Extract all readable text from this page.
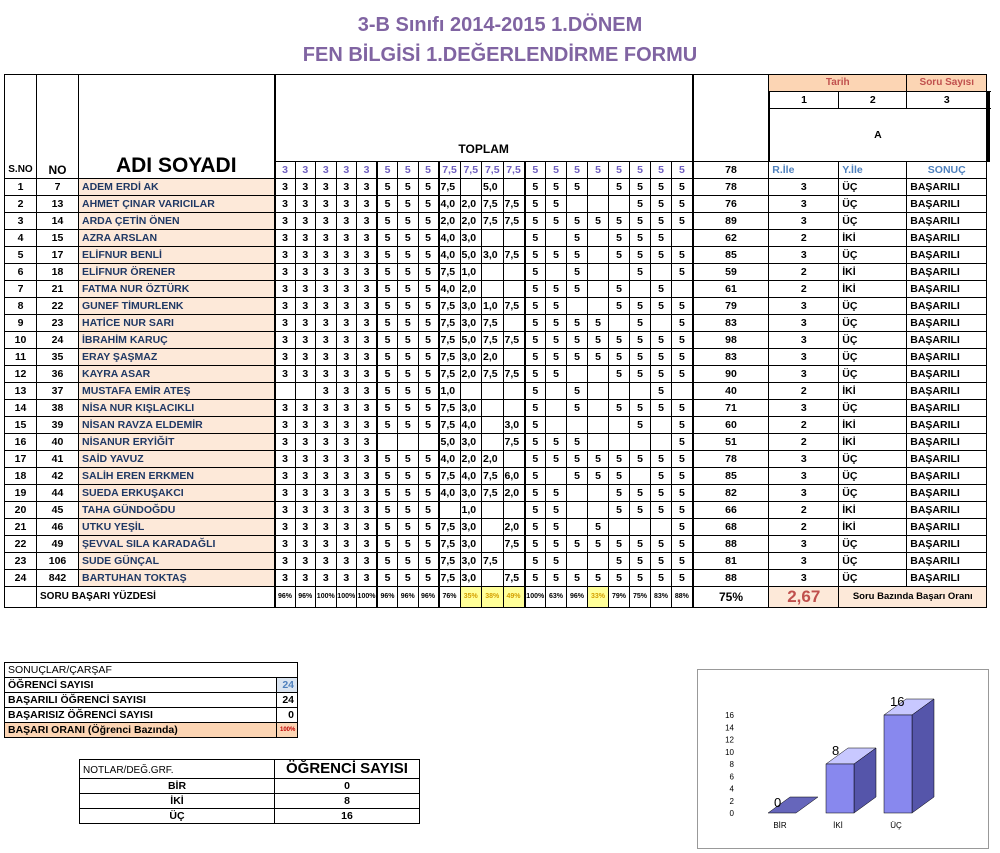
3-B Sınıfı 2014-2015 1.DÖNEM
FEN BİLGİSİ 1.DEĞERLENDİRME FORMU
S.NO	NO	ADI SOYADI	TOPLAM																					Tarih		Soru Sayısı		
																								1	2	3																			
																								A					

			3	3	3	3	3	5	5	5	7,5	7,5	7,5	7,5	5	5	5	5	5	5	5	5	78	R.İle	Y.İle	SONUÇ		
1	7	ADEM ERDİ AK	3	3	3	3	3	5	5	5	7,5		5,0		5	5	5		5	5	5	5	78	3	ÜÇ	BAŞARILI		
2	13	AHMET ÇINAR VARICILAR	3	3	3	3	3	5	5	5	4,0	2,0	7,5	7,5	5	5				5	5	5	76	3	ÜÇ	BAŞARILI		
3	14	ARDA ÇETİN ÖNEN	3	3	3	3	3	5	5	5	2,0	2,0	7,5	7,5	5	5	5	5	5	5	5	5	89	3	ÜÇ	BAŞARILI		
4	15	AZRA ARSLAN	3	3	3	3	3	5	5	5	4,0	3,0			5		5		5	5	5		62	2	İKİ	BAŞARILI		
5	17	ELİFNUR BENLİ	3	3	3	3	3	5	5	5	4,0	5,0	3,0	7,5	5	5	5		5	5	5	5	85	3	ÜÇ	BAŞARILI		
6	18	ELİFNUR ÖRENER	3	3	3	3	3	5	5	5	7,5	1,0			5		5			5		5	59	2	İKİ	BAŞARILI		
7	21	FATMA NUR ÖZTÜRK	3	3	3	3	3	5	5	5	4,0	2,0			5	5	5		5		5		61	2	İKİ	BAŞARILI		
8	22	GUNEF TİMURLENK	3	3	3	3	3	5	5	5	7,5	3,0	1,0	7,5	5	5			5	5	5	5	79	3	ÜÇ	BAŞARILI		
9	23	HATİCE NUR SARI	3	3	3	3	3	5	5	5	7,5	3,0	7,5		5	5	5	5		5		5	83	3	ÜÇ	BAŞARILI		
10	24	İBRAHİM KARUÇ	3	3	3	3	3	5	5	5	7,5	5,0	7,5	7,5	5	5	5	5	5	5	5	5	98	3	ÜÇ	BAŞARILI		
11	35	ERAY ŞAŞMAZ	3	3	3	3	3	5	5	5	7,5	3,0	2,0		5	5	5	5	5	5	5	5	83	3	ÜÇ	BAŞARILI		
12	36	KAYRA ASAR	3	3	3	3	3	5	5	5	7,5	2,0	7,5	7,5	5	5			5	5	5	5	90	3	ÜÇ	BAŞARILI		
13	37	MUSTAFA EMİR ATEŞ			3	3	3	5	5	5	1,0				5		5				5		40	2	İKİ	BAŞARILI		
14	38	NİSA NUR KIŞLACIKLI	3	3	3	3	3	5	5	5	7,5	3,0			5		5		5	5	5	5	71	3	ÜÇ	BAŞARILI		
15	39	NİSAN RAVZA ELDEMİR	3	3	3	3	3	5	5	5	7,5	4,0		3,0	5					5		5	60	2	İKİ	BAŞARILI		
16	40	NİSANUR ERYİĞİT	3	3	3	3	3				5,0	3,0		7,5	5	5	5					5	51	2	İKİ	BAŞARILI		
17	41	SAİD YAVUZ	3	3	3	3	3	5	5	5	4,0	2,0	2,0		5	5	5	5	5	5	5	5	78	3	ÜÇ	BAŞARILI		
18	42	SALİH EREN ERKMEN	3	3	3	3	3	5	5	5	7,5	4,0	7,5	6,0	5		5	5	5		5	5	85	3	ÜÇ	BAŞARILI		
19	44	SUEDA ERKUŞAKCI	3	3	3	3	3	5	5	5	4,0	3,0	7,5	2,0	5	5			5	5	5	5	82	3	ÜÇ	BAŞARILI		
20	45	TAHA GÜNDOĞDU	3	3	3	3	3	5	5	5		1,0			5	5			5	5	5	5	66	2	İKİ	BAŞARILI		
21	46	UTKU YEŞİL	3	3	3	3	3	5	5	5	7,5	3,0		2,0	5	5		5				5	68	2	İKİ	BAŞARILI		
22	49	ŞEVVAL SILA KARADAĞLI	3	3	3	3	3	5	5	5	7,5	3,0		7,5	5	5	5	5	5	5	5	5	88	3	ÜÇ	BAŞARILI		
23	106	SUDE GÜNÇAL	3	3	3	3	3	5	5	5	7,5	3,0	7,5		5	5			5	5	5	5	81	3	ÜÇ	BAŞARILI		
24	842	BARTUHAN TOKTAŞ	3	3	3	3	3	5	5	5	7,5	3,0		7,5	5	5	5	5	5	5	5	5	88	3	ÜÇ	BAŞARILI		
	SORU BAŞARI YÜZDESİ		96%	96%	100%	100%	100%	96%	96%	96%	76%	35%	38%	49%	100%	63%	96%	33%	79%	75%	83%	88%	75%	2,67	Soru Bazında Başarı Oranı			
SONUÇLAR/ÇARŞAF	
ÖĞRENCİ SAYISI	24
BAŞARILI ÖĞRENCİ SAYISI	24
BAŞARISIZ ÖĞRENCİ SAYISI	0
BAŞARI ORANI (Öğrenci Bazında)	100%
NOTLAR/DEĞ.GRF.	ÖĞRENCİ SAYISI
BİR	0
İKİ	8
ÜÇ	16	0
2
4
6
8
10
12
14
16
0
BİR
8
İKİ
16
ÜÇ
